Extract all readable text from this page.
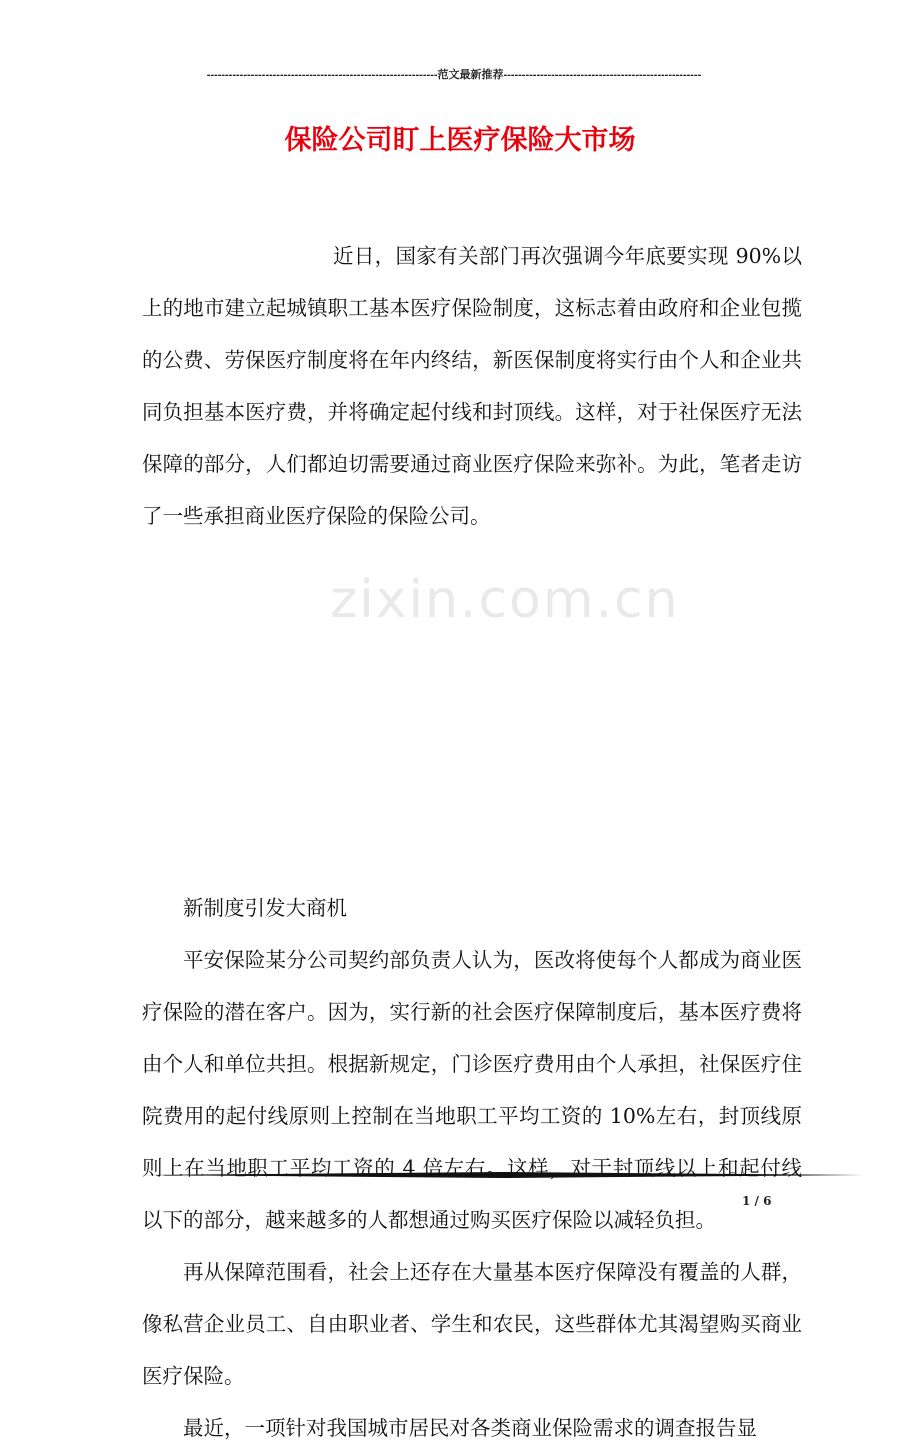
---------------------------------------------------------------范文最新推荐------------------------------------------------------
保险公司盯上医疗保险大市场
zixin.com.cn

近日，国家有关部门再次强调今年底要实现 90%以上的地市建立起城镇职工基本医疗保险制度，这标志着由政府和企业包揽的公费、劳保医疗制度将在年内终结，新医保制度将实行由个人和企业共同负担基本医疗费，并将确定起付线和封顶线。这样，对于社保医疗无法保障的部分，人们都迫切需要通过商业医疗保险来弥补。为此，笔者走访了一些承担商业医疗保险的保险公司。

新制度引发大商机

平安保险某分公司契约部负责人认为，医改将使每个人都成为商业医疗保险的潜在客户。因为，实行新的社会医疗保障制度后，基本医疗费将由个人和单位共担。根据新规定，门诊医疗费用由个人承担，社保医疗住院费用的起付线原则上控制在当地职工平均工资的 10%左右，封顶线原则上在当地职工平均工资的 4 倍左右。这样，对于封顶线以上和起付线以下的部分，越来越多的人都想通过购买医疗保险以减轻负担。

再从保障范围看，社会上还存在大量基本医疗保障没有覆盖的人群，像私营企业员工、自由职业者、学生和农民，这些群体尤其渴望购买商业医疗保险。

最近，一项针对我国城市居民对各类商业保险需求的调查报告显

1 / 6
